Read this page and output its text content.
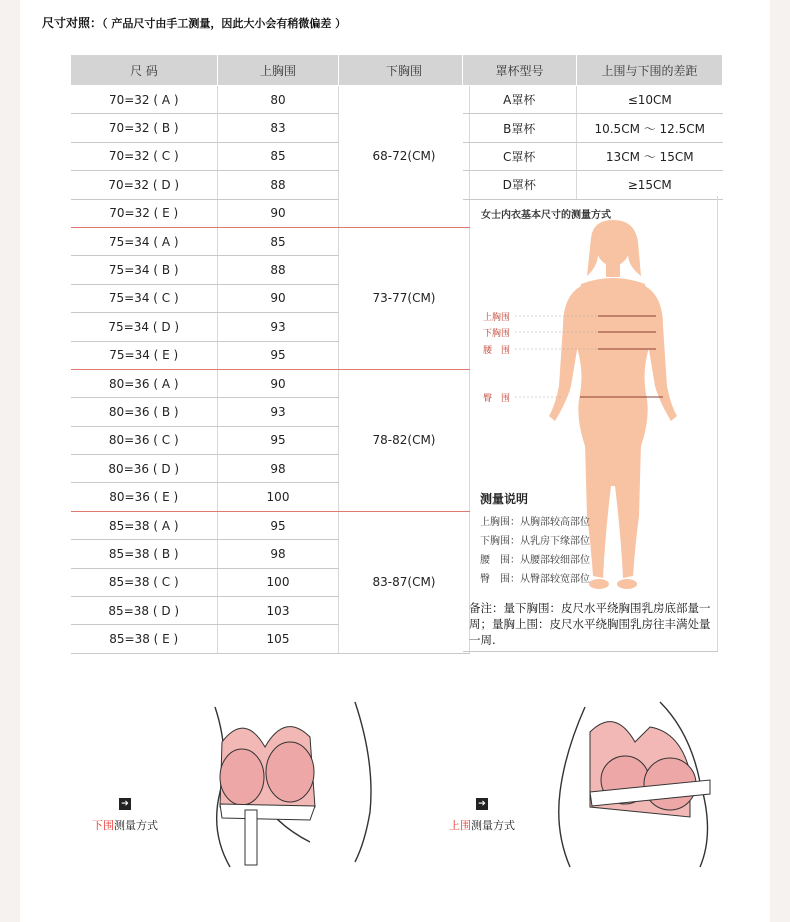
尺寸对照：（ 产品尺寸由手工测量，因此大小会有稍微偏差 ）
尺 码	上胸围	下胸围
70=32 ( A )	80	68-72(CM)
70=32 ( B )	83	
70=32 ( C )	85	
70=32 ( D )	88	
70=32 ( E )	90	
75=34 ( A )	85	73-77(CM)
75=34 ( B )	88	
75=34 ( C )	90	
75=34 ( D )	93	
75=34 ( E )	95	
80=36 ( A )	90	78-82(CM)
80=36 ( B )	93	
80=36 ( C )	95	
80=36 ( D )	98	
80=36 ( E )	100	
85=38 ( A )	95	83-87(CM)
85=38 ( B )	98	
85=38 ( C )	100	
85=38 ( D )	103	
85=38 ( E )	105	
罩杯型号	上围与下围的差距
A罩杯	≤10CM
B罩杯	10.5CM ～ 12.5CM
C罩杯	13CM ～ 15CM
D罩杯	≥15CM
女士内衣基本尺寸的测量方式
上胸围
下胸围
腰　围
臀　围
测量说明
上胸围：从胸部较高部位
下胸围：从乳房下缘部位
腰　围：从腰部较细部位
臀　围：从臀部较宽部位
备注：量下胸围：皮尺水平绕胸围乳房底部量一周；量胸上围：皮尺水平绕胸围乳房往丰满处量一周.
➔
下围测量方式
➔
上围测量方式
